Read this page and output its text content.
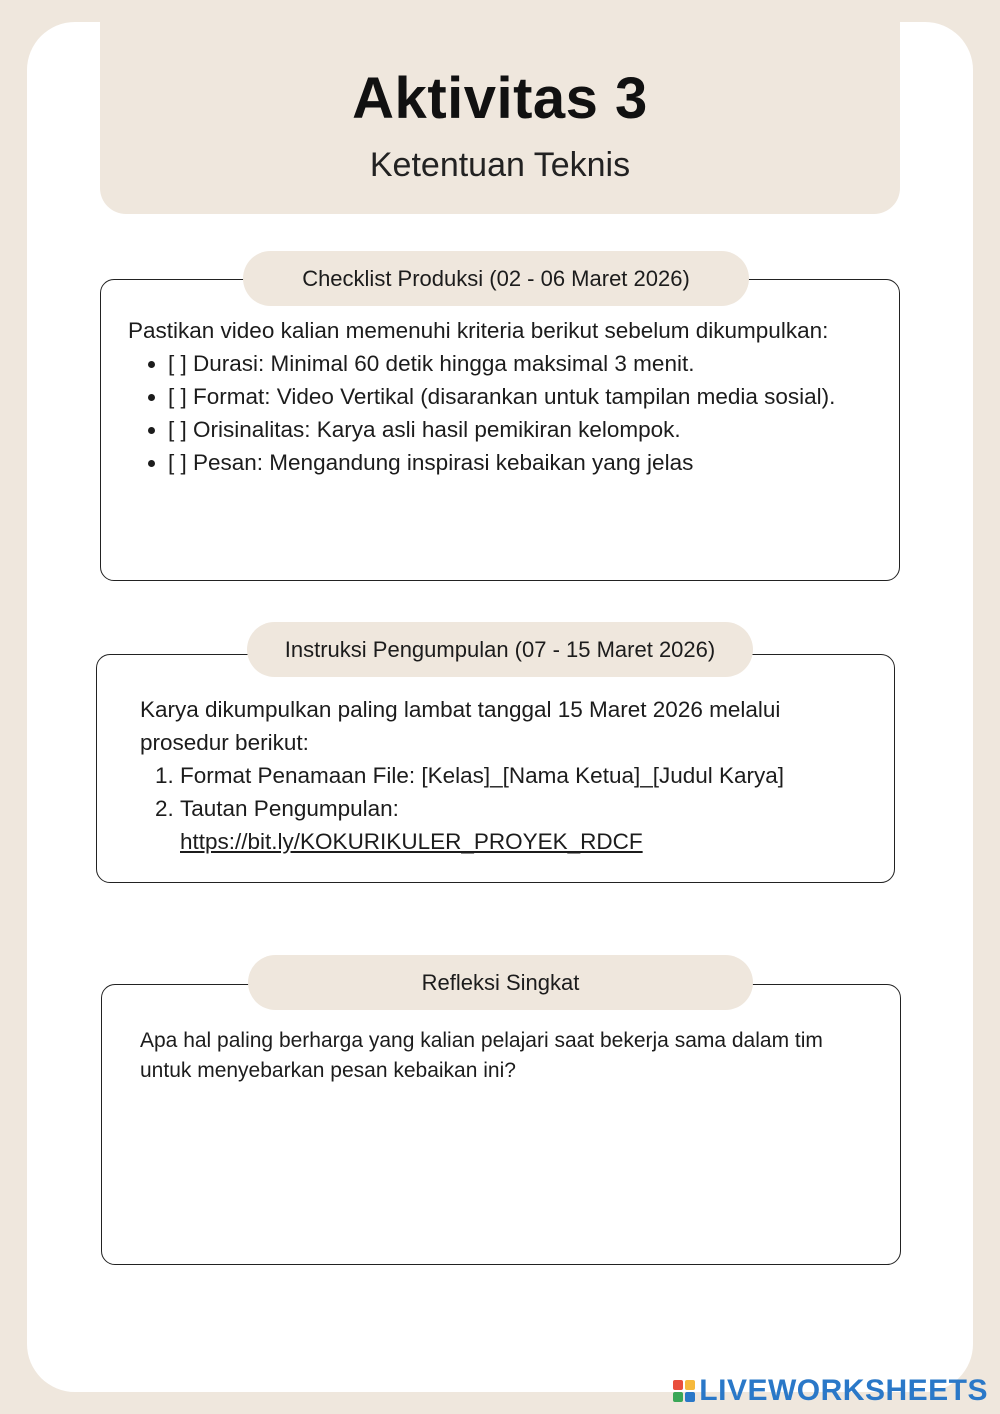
Aktivitas 3
Ketentuan Teknis
Checklist Produksi (02 - 06 Maret 2026)

Pastikan video kalian memenuhi kriteria berikut sebelum dikumpulkan:

• [ ] Durasi: Minimal 60 detik hingga maksimal 3 menit.
• [ ] Format: Video Vertikal (disarankan untuk tampilan media sosial).
• [ ] Orisinalitas: Karya asli hasil pemikiran kelompok.
• [ ] Pesan: Mengandung inspirasi kebaikan yang jelas
Instruksi Pengumpulan (07 - 15 Maret 2026)

Karya dikumpulkan paling lambat tanggal 15 Maret 2026 melalui prosedur berikut:

1. Format Penamaan File: [Kelas]_[Nama Ketua]_[Judul Karya]
2. Tautan Pengumpulan:
https://bit.ly/KOKURIKULER_PROYEK_RDCF
Refleksi Singkat

Apa hal paling berharga yang kalian pelajari saat bekerja sama dalam tim untuk menyebarkan pesan kebaikan ini?

LIVEWORKSHEETS
